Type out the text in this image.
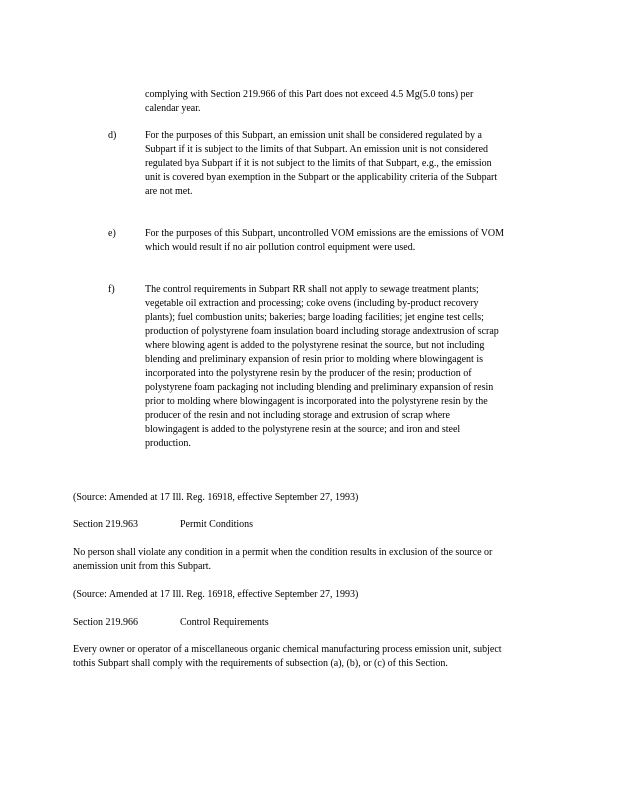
complying with Section 219.966 of this Part does not exceed 4.5 Mg(5.0 tons) per calendar year.
d)	For the purposes of this Subpart, an emission unit shall be considered regulated by a Subpart if it is subject to the limits of that Subpart. An emission unit is not considered regulated bya Subpart if it is not subject to the limits of that Subpart, e.g., the emission unit is covered byan exemption in the Subpart or the applicability criteria of the Subpart are not met.
e)	For the purposes of this Subpart, uncontrolled VOM emissions are the emissions of VOM which would result if no air pollution control equipment were used.
f)	The control requirements in Subpart RR shall not apply to sewage treatment plants; vegetable oil extraction and processing; coke ovens (including by-product recovery plants); fuel combustion units; bakeries; barge loading facilities; jet engine test cells; production of polystyrene foam insulation board including storage andextrusion of scrap where blowing agent is added to the polystyrene resinat the source, but not including blending and preliminary expansion of resin prior to molding where blowingagent is incorporated into the polystyrene resin by the producer of the resin; production of polystyrene foam packaging not including blending and preliminary expansion of resin prior to molding where blowingagent is incorporated into the polystyrene resin by the producer of the resin and not including storage and extrusion of scrap where blowingagent is added to the polystyrene resin at the source; and iron and steel production.
(Source: Amended at 17 Ill. Reg. 16918, effective September 27, 1993)
Section 219.963	Permit Conditions
No person shall violate any condition in a permit when the condition results in exclusion of the source or anemission unit from this Subpart.
(Source: Amended at 17 Ill. Reg. 16918, effective September 27, 1993)
Section 219.966	Control Requirements
Every owner or operator of a miscellaneous organic chemical manufacturing process emission unit, subject tothis Subpart shall comply with the requirements of subsection (a), (b), or (c) of this Section.
